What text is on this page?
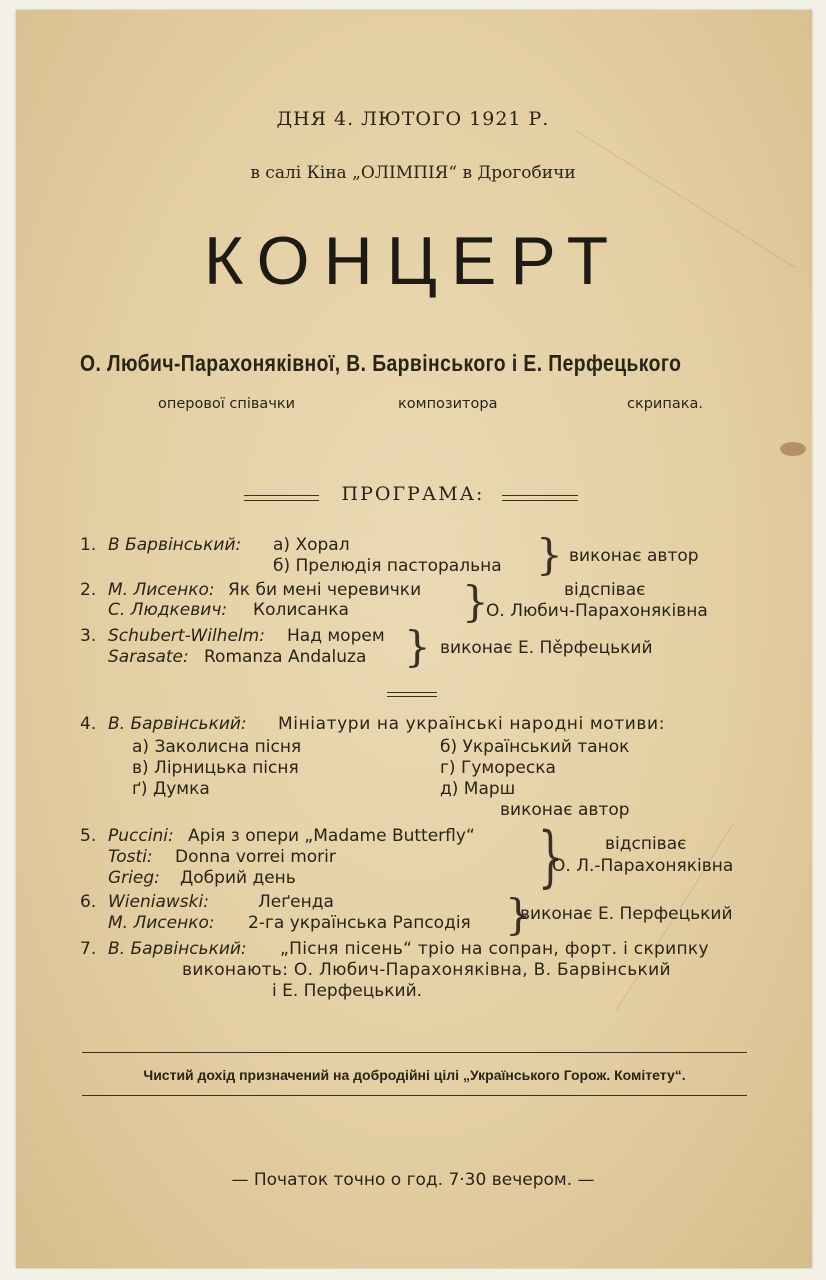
ДНЯ 4. ЛЮТОГО 1921 Р.
в салі Кіна „ОЛІМПІЯ“ в Дрогобичи
КОНЦЕРТ
О. Любич-Парахоняківної, В. Барвінського і Е. Перфецького
оперової співачки	композитора	скрипака.
ПРОГРАМА:
1. В Барвінський: а) Хорал
б) Прелюдія пасторальна } виконає автор
2. М. Лисенко: Як би мені черевички
С. Людкевич: Колисанка	}	відспіває
О. Любич-Парахоняківна
3. Schubert-Wilhelm: Над морем
Sarasate: Romanza Andaluza } виконає Е. Пěрфецький
4. В. Барвінський: Мініатури на українські народні мотиви:
а) Заколисна пісня
в) Лірницька пісня
ґ) Думка
б) Український танок
г) Гуморeска
д) Марш
виконає автор
5. Puccini: Арія з опери „Madame Butterfly“
Tosti: Donna vorrei morir
Grieg: Добрий день	} відспіває
О. Л.-Парахоняківна
6. Wieniawski:	Леґенда
М. Лисенко: 2-га українська Рапсодія }
виконає Е. Перфецький
7. В. Барвінський: „Пісня пісень“ тріо на сопран, форт. і скрипку
виконають: О. Любич-Парахоняківна, В. Барвінський
і Е. Перфецький.
Чистий дохід призначений на добродійні цілі „Українського Горож. Комітету“.
— Початок точно о год. 7·30 вечером. —
